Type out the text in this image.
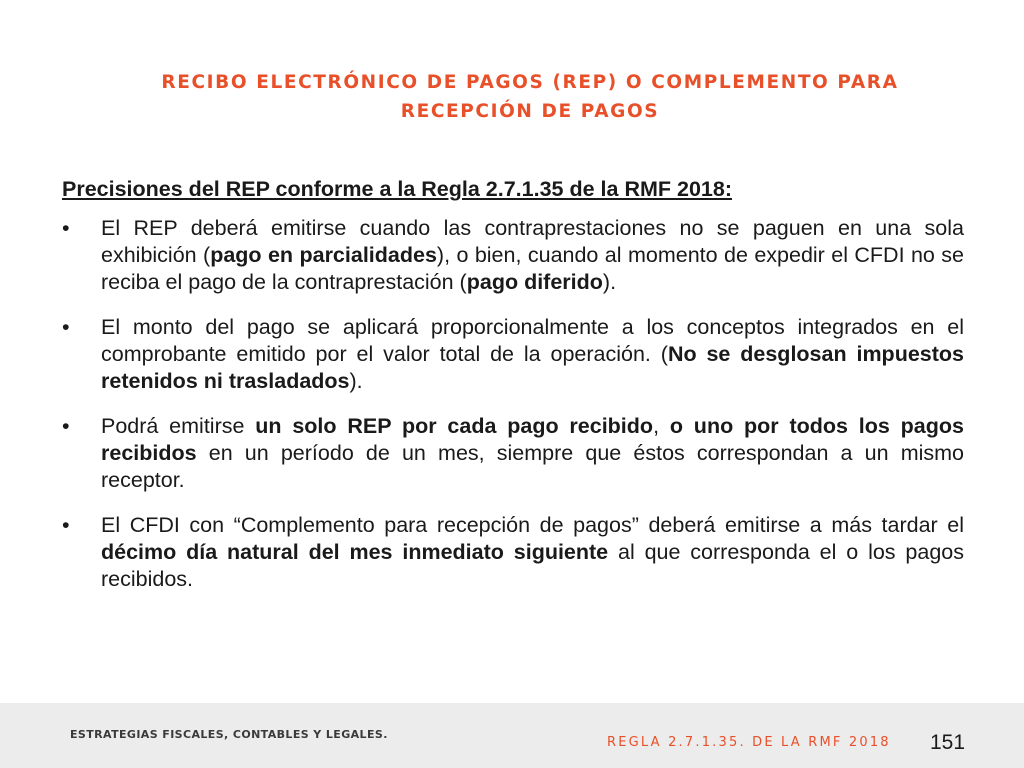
RECIBO ELECTRÓNICO DE PAGOS (REP) O COMPLEMENTO PARA
RECEPCIÓN DE PAGOS
Precisiones del REP conforme a la Regla 2.7.1.35 de la RMF 2018:
•	El REP deberá emitirse cuando las contraprestaciones no se paguen en una sola exhibición (pago en parcialidades), o bien, cuando al momento de expedir el CFDI no se reciba el pago de la contraprestación (pago diferido).
•	El monto del pago se aplicará proporcionalmente a los conceptos integrados en el comprobante emitido por el valor total de la operación. (No se desglosan impuestos retenidos ni trasladados).
•	Podrá emitirse un solo REP por cada pago recibido, o uno por todos los pagos recibidos en un período de un mes, siempre que éstos correspondan a un mismo receptor.
•	El CFDI con “Complemento para recepción de pagos” deberá emitirse a más tardar el décimo día natural del mes inmediato siguiente al que corresponda el o los pagos recibidos.
ESTRATEGIAS FISCALES, CONTABLES Y LEGALES.
REGLA 2.7.1.35. DE LA RMF 2018 151
